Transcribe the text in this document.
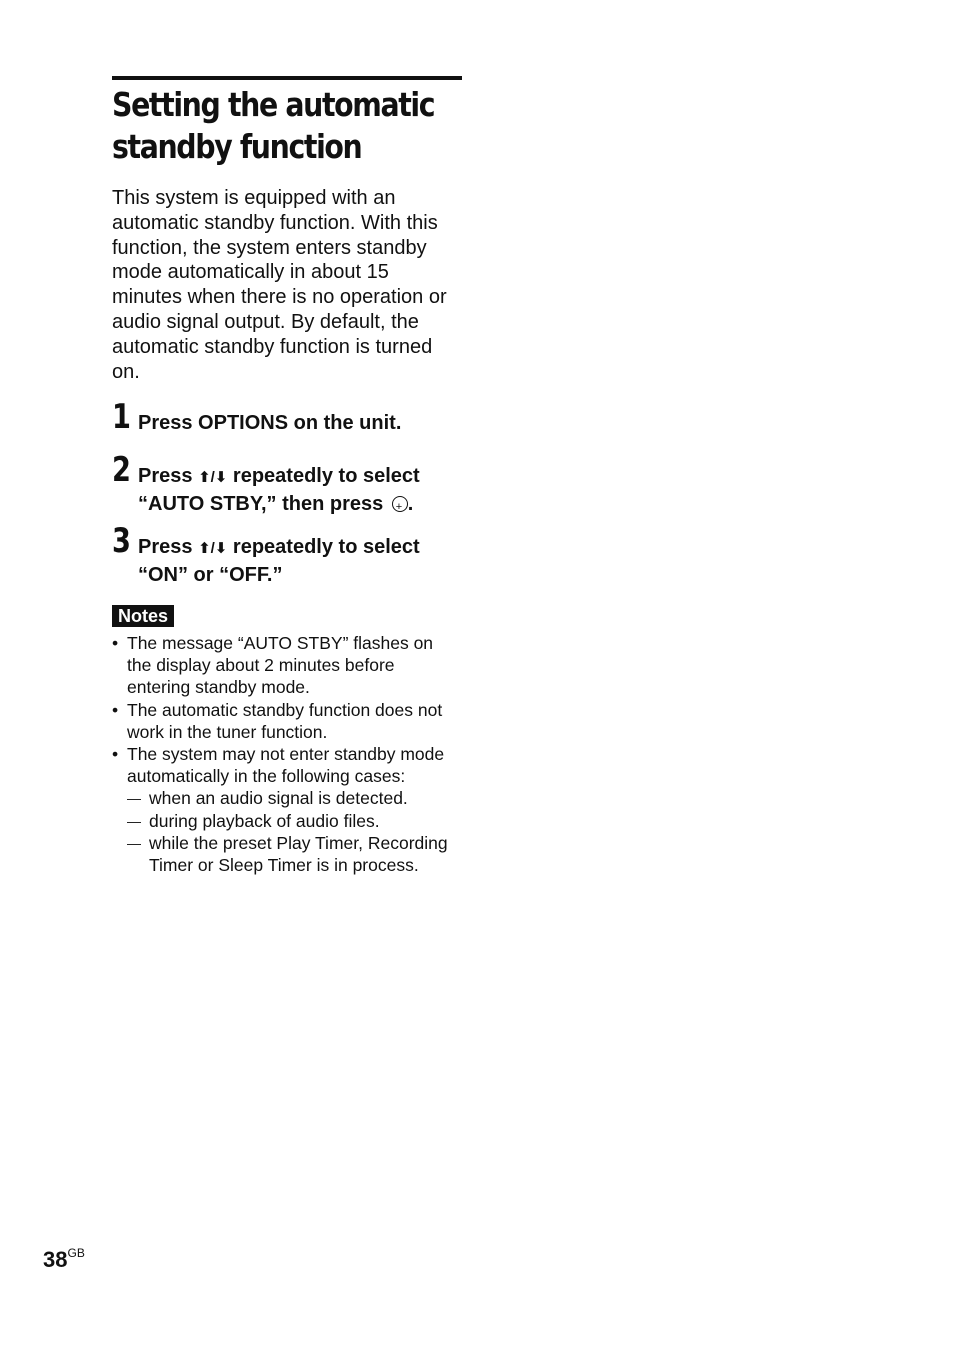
Setting the automatic
standby function
This system is equipped with an automatic standby function. With this function, the system enters standby mode automatically in about 15 minutes when there is no operation or audio signal output. By default, the automatic standby function is turned on.
1 Press OPTIONS on the unit.
2 Press ⬆/⬇ repeatedly to select “AUTO STBY,” then press +.
3 Press ⬆/⬇ repeatedly to select “ON” or “OFF.”
Notes
• The message “AUTO STBY” flashes on the display about 2 minutes before entering standby mode.
• The automatic standby function does not work in the tuner function.
• The system may not enter standby mode automatically in the following cases:
— when an audio signal is detected.
— during playback of audio files.
— while the preset Play Timer, Recording Timer or Sleep Timer is in process.
$38^{GB}$
